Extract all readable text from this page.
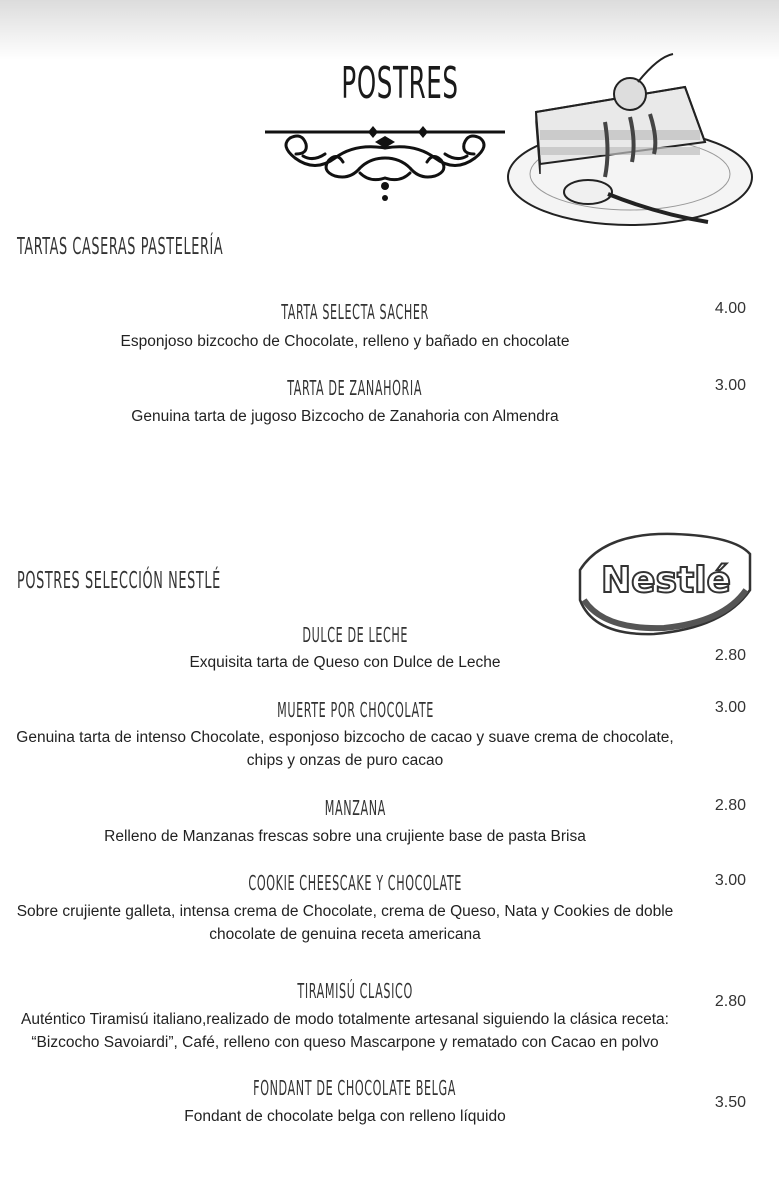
POSTRES
TARTAS CASERAS PASTELERÍA
TARTA SELECTA SACHER
Esponjoso bizcocho de Chocolate, relleno y bañado en chocolate
4.00
TARTA DE ZANAHORIA
Genuina tarta de jugoso Bizcocho de Zanahoria con Almendra
3.00
POSTRES SELECCIÓN NESTLÉ	Nestlé
DULCE DE LECHE
Exquisita tarta de Queso con Dulce de Leche	2.80
MUERTE POR CHOCOLATE
Genuina tarta de intenso Chocolate, esponjoso bizcocho de cacao y suave crema de chocolate,
chips y onzas de puro cacao
3.00
MANZANA
Relleno de Manzanas frescas sobre una crujiente base de pasta Brisa
2.80
COOKIE CHEESCAKE Y CHOCOLATE
Sobre crujiente galleta, intensa crema de Chocolate, crema de Queso, Nata y Cookies de doble
chocolate de genuina receta americana
3.00
TIRAMISÚ CLASICO
Auténtico Tiramisú italiano,realizado de modo totalmente artesanal siguiendo la clásica receta:
“Bizcocho Savoiardi”, Café, relleno con queso Mascarpone y rematado con Cacao en polvo
2.80
FONDANT DE CHOCOLATE BELGA
Fondant de chocolate belga con relleno líquido
3.50
